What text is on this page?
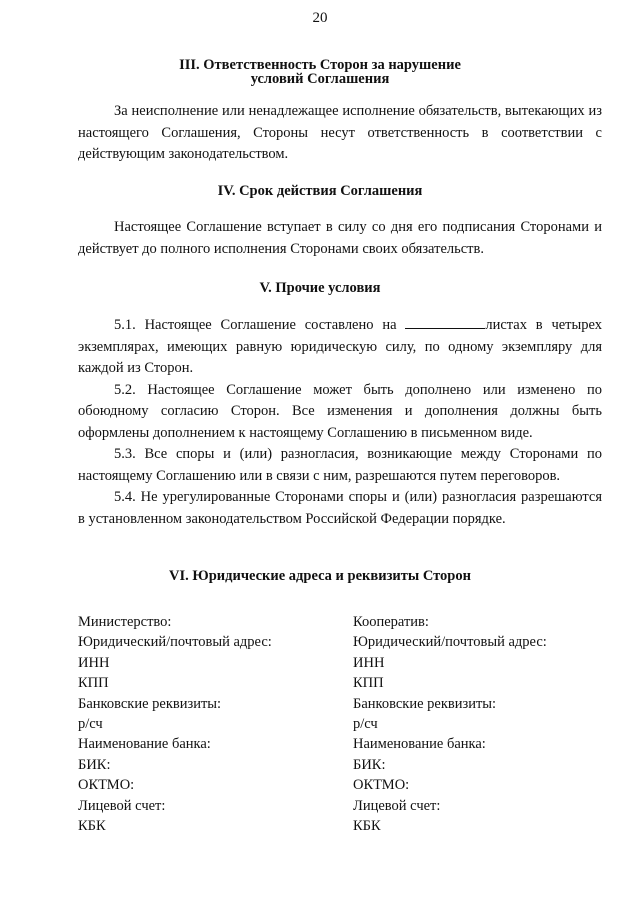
20
III. Ответственность Сторон за нарушение
условий Соглашения
За неисполнение или ненадлежащее исполнение обязательств, вытекающих из настоящего Соглашения, Стороны несут ответственность в соответствии с действующим законодательством.
IV. Срок действия Соглашения
Настоящее Соглашение вступает в силу со дня его подписания Сторонами и действует до полного исполнения Сторонами своих обязательств.
V. Прочие условия
5.1. Настоящее Соглашение составлено на	листах в четырех экземплярах, имеющих равную юридическую силу, по одному экземпляру для каждой из Сторон.
5.2. Настоящее Соглашение может быть дополнено или изменено по обоюдному согласию Сторон. Все изменения и дополнения должны быть оформлены дополнением к настоящему Соглашению в письменном виде.
5.3. Все споры и (или) разногласия, возникающие между Сторонами по настоящему Соглашению или в связи с ним, разрешаются путем переговоров.
5.4. Не урегулированные Сторонами споры и (или) разногласия разрешаются в установленном законодательством Российской Федерации порядке.
VI. Юридические адреса и реквизиты Сторон
Министерство:
Юридический/почтовый адрес:
ИНН
КПП
Банковские реквизиты:
р/сч
Наименование банка:
БИК:
ОКТМО:
Лицевой счет:
КБК
Кооператив:
Юридический/почтовый адрес:
ИНН
КПП
Банковские реквизиты:
р/сч
Наименование банка:
БИК:
ОКТМО:
Лицевой счет:
КБК
